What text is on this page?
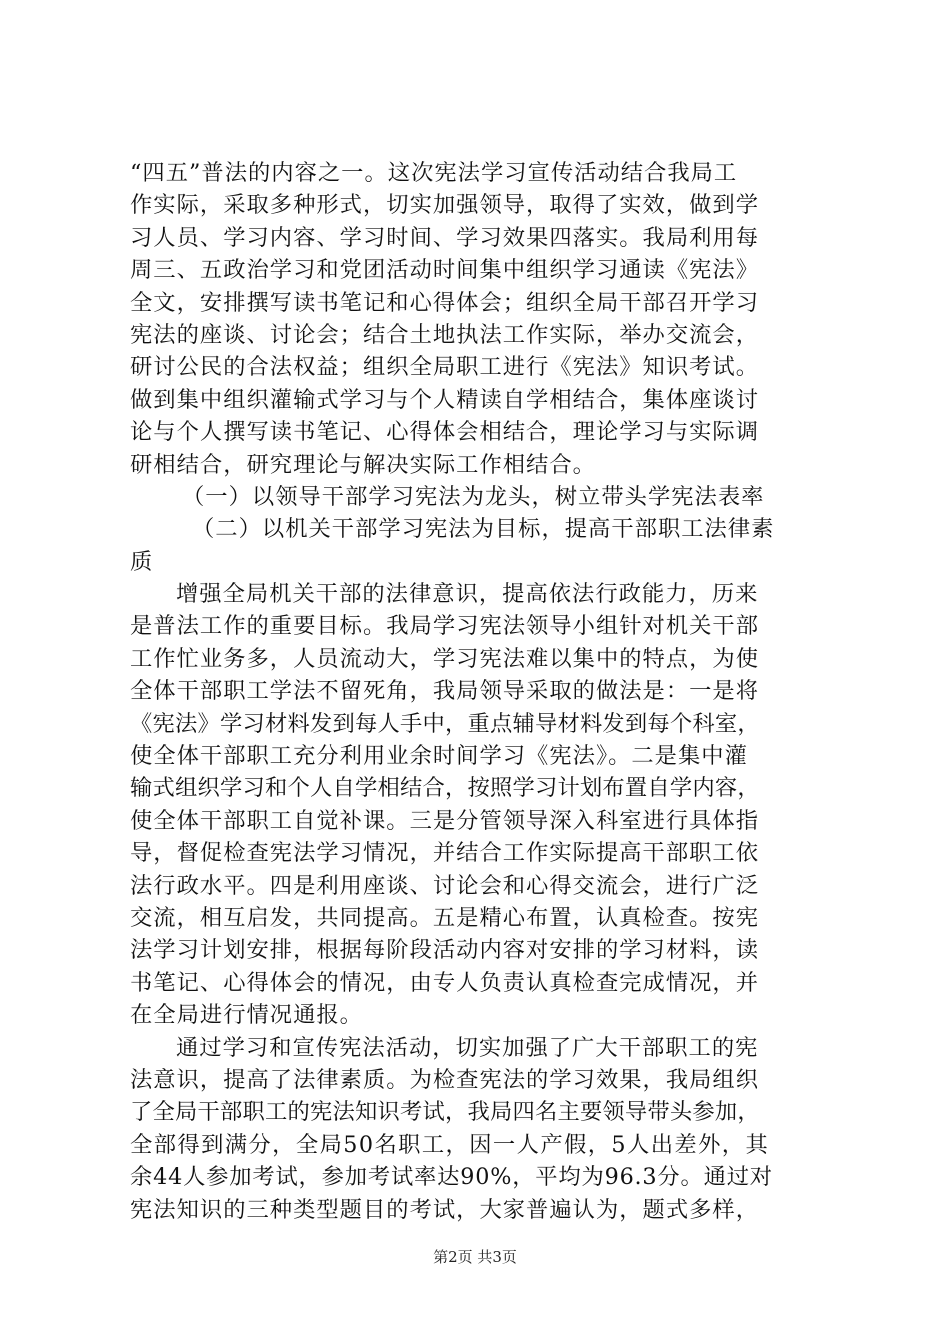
“四五”普法的内容之一。这次宪法学习宣传活动结合我局工
作实际，采取多种形式，切实加强领导，取得了实效，做到学
习人员、学习内容、学习时间、学习效果四落实。我局利用每
周三、五政治学习和党团活动时间集中组织学习通读《宪法》
全文，安排撰写读书笔记和心得体会；组织全局干部召开学习
宪法的座谈、讨论会；结合土地执法工作实际，举办交流会，
研讨公民的合法权益；组织全局职工进行《宪法》知识考试。
做到集中组织灌输式学习与个人精读自学相结合，集体座谈讨
论与个人撰写读书笔记、心得体会相结合，理论学习与实际调
研相结合，研究理论与解决实际工作相结合。
（一）以领导干部学习宪法为龙头，树立带头学宪法表率
（二）以机关干部学习宪法为目标，提高干部职工法律素
质
增强全局机关干部的法律意识，提高依法行政能力，历来
是普法工作的重要目标。我局学习宪法领导小组针对机关干部
工作忙业务多，人员流动大，学习宪法难以集中的特点，为使
全体干部职工学法不留死角，我局领导采取的做法是：一是将
《宪法》学习材料发到每人手中，重点辅导材料发到每个科室，
使全体干部职工充分利用业余时间学习《宪法》。二是集中灌
输式组织学习和个人自学相结合，按照学习计划布置自学内容，
使全体干部职工自觉补课。三是分管领导深入科室进行具体指
导，督促检查宪法学习情况，并结合工作实际提高干部职工依
法行政水平。四是利用座谈、讨论会和心得交流会，进行广泛
交流，相互启发，共同提高。五是精心布置，认真检查。按宪
法学习计划安排，根据每阶段活动内容对安排的学习材料，读
书笔记、心得体会的情况，由专人负责认真检查完成情况，并
在全局进行情况通报。
通过学习和宣传宪法活动，切实加强了广大干部职工的宪
法意识，提高了法律素质。为检查宪法的学习效果，我局组织
了全局干部职工的宪法知识考试，我局四名主要领导带头参加，
全部得到满分，全局50名职工，因一人产假，5人出差外，其
余44人参加考试，参加考试率达90%，平均为96.3分。通过对
宪法知识的三种类型题目的考试，大家普遍认为，题式多样，
第2页 共3页
